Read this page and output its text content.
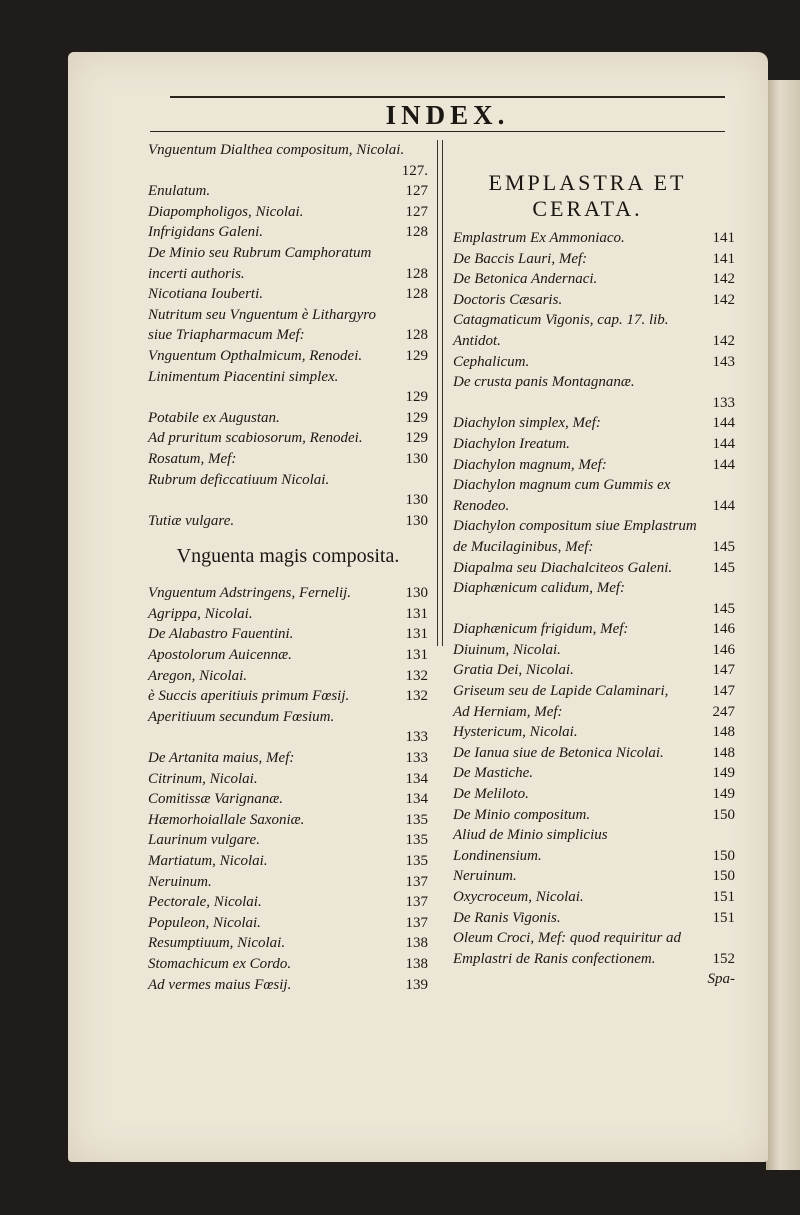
INDEX.
Vnguentum Dialthea compositum, Nicolai.
127.
Enulatum.	127
Diapompholigos, Nicolai.	127
Infrigidans Galeni.	128
De Minio seu Rubrum Camphoratum incerti authoris.	128
Nicotiana Iouberti.	128
Nutritum seu Vnguentum è Lithargyro siue Triapharmacum Mef:	128
Vnguentum Opthalmicum, Renodei.	129
Linimentum Piacentini simplex.
129
Potabile ex Augustan.	129
Ad pruritum scabiosorum, Renodei.	129
Rosatum, Mef:	130
Rubrum deficcatiuum Nicolai.
130
Tutiæ vulgare.	130
Vnguenta magis composita.
Vnguentum Adstringens, Fernelij.	130
Agrippa, Nicolai.	131
De Alabastro Fauentini.	131
Apostolorum Auicennæ.	131
Aregon, Nicolai.	132
è Succis aperitiuis primum Fœsij.	132
Aperitiuum secundum Fœsium.
133
De Artanita maius, Mef:	133
Citrinum, Nicolai.	134
Comitissæ Varignanæ.	134
Hæmorhoiallale Saxoniæ.	135
Laurinum vulgare.	135
Martiatum, Nicolai.	135
Neruinum.	137
Pectorale, Nicolai.	137
Populeon, Nicolai.	137
Resumptiuum, Nicolai.	138
Stomachicum ex Cordo.	138
Ad vermes maius Fœsij.	139
EMPLASTRA ET CERATA.
Emplastrum Ex Ammoniaco.	141
De Baccis Lauri, Mef:	141
De Betonica Andernaci.	142
Doctoris Cæsaris.	142
Catagmaticum Vigonis, cap. 17. lib. Antidot.	142
Cephalicum.	143
De crusta panis Montagnanæ.
133
Diachylon simplex, Mef:	144
Diachylon Ireatum.	144
Diachylon magnum, Mef:	144
Diachylon magnum cum Gummis ex Renodeo.	144
Diachylon compositum siue Emplastrum de Mucilaginibus, Mef:	145
Diapalma seu Diachalciteos Galeni.	145
Diaphænicum calidum, Mef:
145
Diaphænicum frigidum, Mef:	146
Diuinum, Nicolai.	146
Gratia Dei, Nicolai.	147
Griseum seu de Lapide Calaminari,	147
Ad Herniam, Mef:	247
Hystericum, Nicolai.	148
De Ianua siue de Betonica Nicolai.	148
De Mastiche.	149
De Meliloto.	149
De Minio compositum.	150
Aliud de Minio simplicius Londinensium.	150
Neruinum.	150
Oxycroceum, Nicolai.	151
De Ranis Vigonis.	151
Oleum Croci, Mef: quod requiritur ad Emplastri de Ranis confectionem.	152
Spa-
